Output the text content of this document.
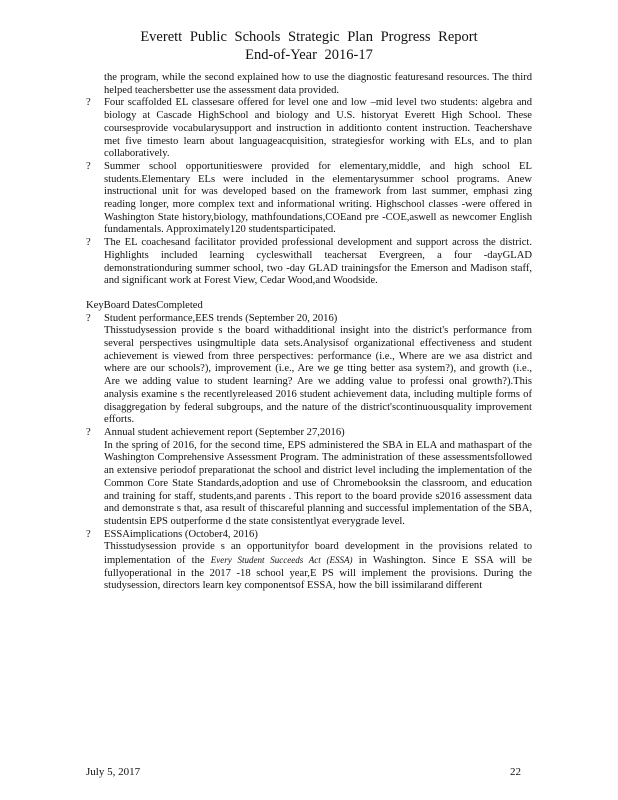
Everett Public Schools Strategic Plan Progress Report
End-of-Year 2016-17

the program, while the second explained how to use the diagnostic featuresand resources. The third helped teachersbetter use the assessment data provided.

? Four scaffolded EL classesare offered for level one and low –mid level two students: algebra and biology at Cascade HighSchool and biology and U.S. historyat Everett High School. These coursesprovide vocabularysupport and instruction in additionto content instruction. Teachershave met five timesto learn about languageacquisition, strategiesfor working with ELs, and to plan collaboratively.
? Summer school opportunitieswere provided for elementary,middle, and high school EL students.Elementary ELs were included in the elementarysummer school programs. Anew instructional unit for was developed based on the framework from last summer, emphasi zing reading longer, more complex text and informational writing. Highschool classes -were offered in Washington State history,biology, mathfoundations,COEand pre -COE,aswell as newcomer English fundamentals. Approximately120 studentsparticipated.
? The EL coachesand facilitator provided professional development and support across the district. Highlights included learning cycleswithall teachersat Evergreen, a four -dayGLAD demonstrationduring summer school, two -day GLAD trainingsfor the Emerson and Madison staff, and significant work at Forest View, Cedar Wood,and Woodside.
KeyBoard DatesCompleted
? Student performance,EES trends (September 20, 2016)
Thisstudysession provide s the board withadditional insight into the district's performance from several perspectives usingmultiple data sets.Analysisof organizational effectiveness and student achievement is viewed from three perspectives: performance (i.e., Where are we asa district and where are our schools?), improvement (i.e., Are we ge tting better asa system?), and growth (i.e., Are we adding value to student learning? Are we adding value to professi onal growth?).This analysis examine s the recentlyreleased 2016 student achievement data, including multiple forms of disaggregation by federal subgroups, and the nature of the district'scontinuousquality improvement efforts.
? Annual student achievement report (September 27,2016)
In the spring of 2016, for the second time, EPS administered the SBA in ELA and mathaspart of the Washington Comprehensive Assessment Program. The administration of these assessmentsfollowed an extensive periodof preparationat the school and district level including the implementation of the Common Core State Standards,adoption and use of Chromebooksin the classroom, and education and training for staff, students,and parents . This report to the board provide s2016 assessment data and demonstrate s that, asa result of thiscareful planning and successful implementation of the SBA, studentsin EPS outperforme d the state consistentlyat everygrade level.
? ESSAimplications (October4, 2016)
Thisstudysession provide s an opportunityfor board development in the provisions related to implementation of the Every Student Succeeds Act (ESSA) in Washington. Since E SSA will be fullyoperational in the 2017 -18 school year,E PS will implement the provisions. During the studysession, directors learn key componentsof ESSA, how the bill issimilarand different
July 5, 2017	22
